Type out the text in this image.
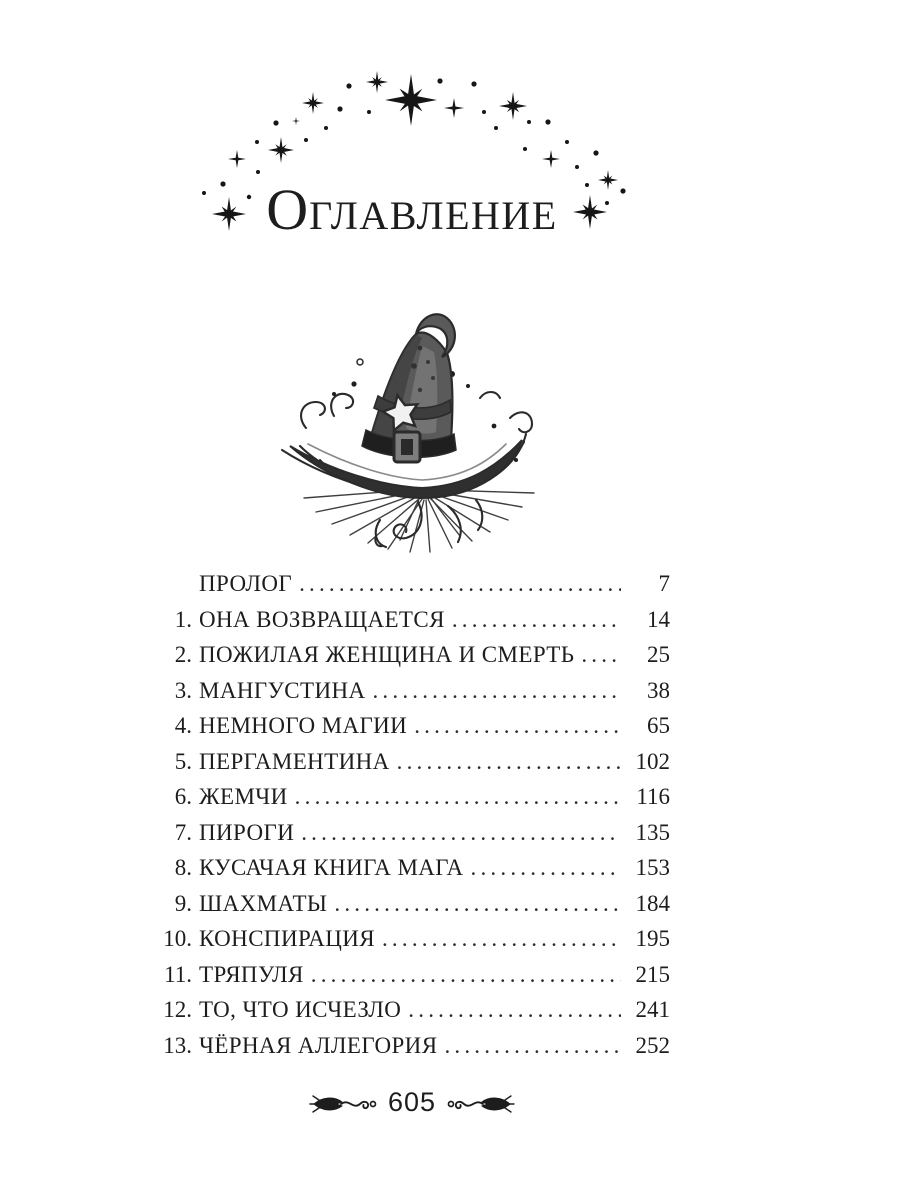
ОГЛАВЛЕНИЕ
ПРОЛОГ .....	7
1. ОНА ВОЗВРАЩАЕТСЯ .....	14
2. ПОЖИЛАЯ ЖЕНЩИНА И СМЕРТЬ .....	25
3. МАНГУСТИНА .....	38
4. НЕМНОГО МАГИИ .....	65
5. ПЕРГАМЕНТИНА .....	102
6. ЖЕМЧИ .....	116
7. ПИРОГИ .....	135
8. КУСАЧАЯ КНИГА МАГА .....	153
9. ШАХМАТЫ .....	184
10. КОНСПИРАЦИЯ .....	195
11. ТРЯПУЛЯ .....	215
12. ТО, ЧТО ИСЧЕЗЛО .....	241
13. ЧЁРНАЯ АЛЛЕГОРИЯ .....	252
605
